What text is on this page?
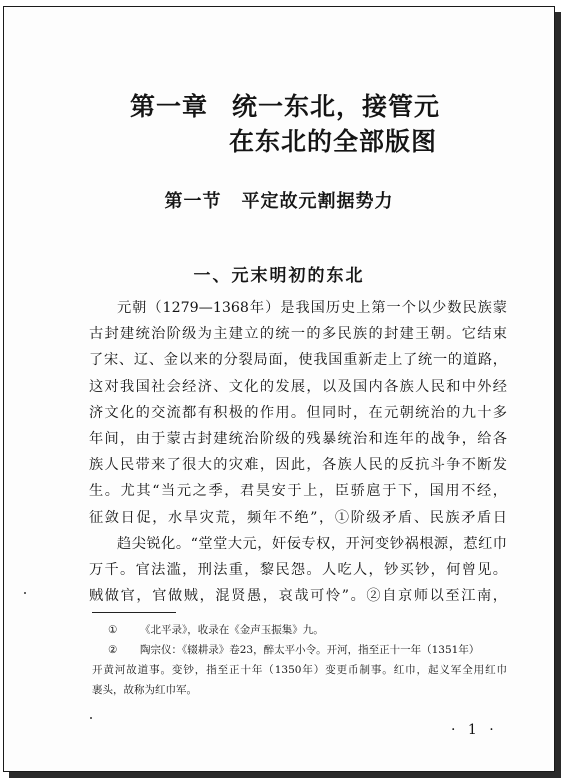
第一章 统一东北，接管元
在东北的全部版图
第一节 平定故元割据势力
一、元末明初的东北

元朝（1279—1368年）是我国历史上第一个以少数民族蒙
古封建统治阶级为主建立的统一的多民族的封建王朝。它结束
了宋、辽、金以来的分裂局面，使我国重新走上了统一的道路，
这对我国社会经济、文化的发展，以及国内各族人民和中外经
济文化的交流都有积极的作用。但同时，在元朝统治的九十多
年间，由于蒙古封建统治阶级的残暴统治和连年的战争，给各
族人民带来了很大的灾难，因此，各族人民的反抗斗争不断发
生。尤其“当元之季，君昊安于上，臣骄扈于下，国用不经，
征敛日促，水旱灾荒，频年不绝”，①阶级矛盾、民族矛盾日
趋尖锐化。“堂堂大元，奸佞专权，开河变钞祸根源，惹红巾
万千。官法滥，刑法重，黎民怨。人吃人，钞买钞，何曾见。
贼做官，官做贼，混贤愚，哀哉可怜”。②自京师以至江南，

① 《北平录》，收录在《金声玉振集》九。
② 陶宗仪：《辍耕录》卷23，醉太平小令。开河，指至正十一年（1351年）
开黄河故道事。变钞，指至正十年（1350年）变更币制事。红巾，起义军全用红巾
裹头，故称为红巾军。
· 1 ·
